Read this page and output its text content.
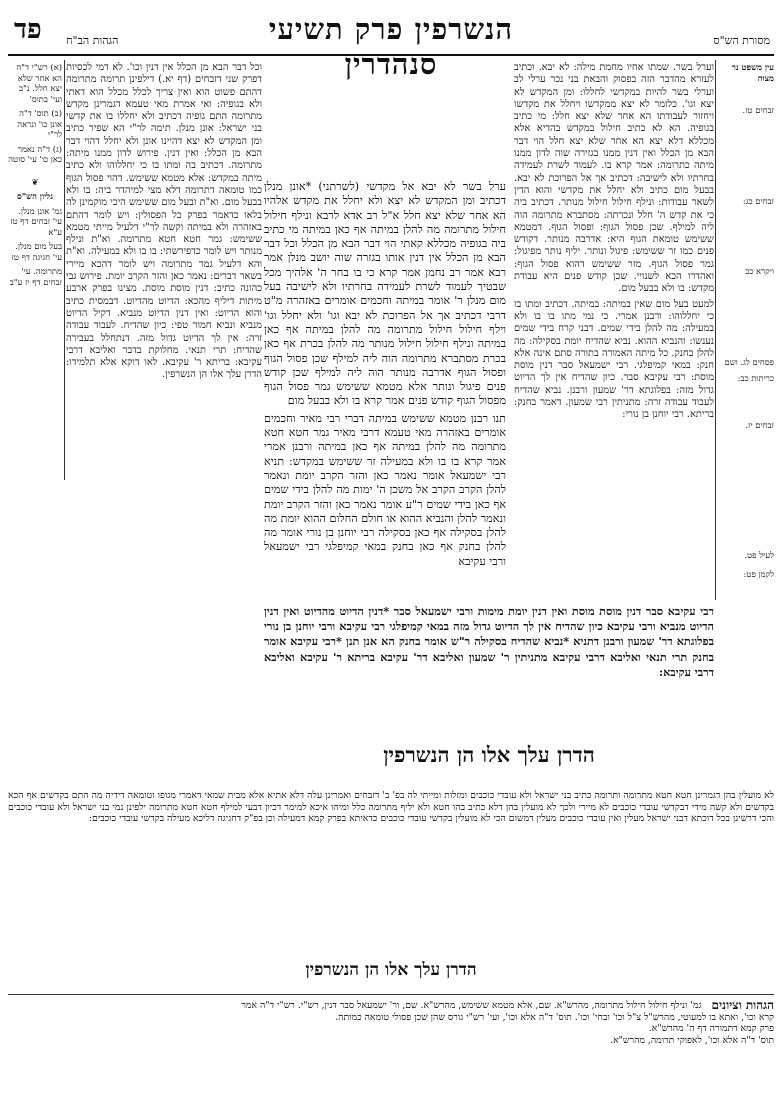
מסורת הש"ס
הנשרפין פרק תשיעי סנהדרין
פד הגהות הב"ח
עין משפט נר מצוה
זבחים טז.
זבחים כג:
ויקרא כב
פסחים לג. ושם
כריתות כב:
זבחים יז.
לעיל פט.
לקמן פט:

וערל בשר. שמתו אחיו מחמת מילה: לא יבא. וכתיב לעזרא מהדבר הזה בפסוק והבאת בני נכר ערלי לב וערלי בשר להיות במקדשי לחללו: ומן המקדש לא יצא וגו'. כלומר לא יצא ממקדשו ויחלל את מקדשו ויחזור לעבודתו הא אחר שלא יצא חלל: מי כתיב בגופיה. הא לא כתיב חילול במקדש בהדיא אלא מכללא דלא יצא הא אחר שלא יצא חלל הוי דבר הבא מן הכלל ואין דנין ממנו בגזירה שוה לדון ממנו מיתה כתרומה: אמר קרא בו. לעמוד לשרת לעמידה בחרתיו ולא לישיבה: דכתיב אך אל הפרוכת לא יבא. בבעל מום כתיב ולא יחלל את מקדשי והוא הדין לשאר עבודות: ונילף חילול חילול מנותר. דכתיב ביה כי את קדש ה' חלל ונכרתה: מסתברא מתרומה הוה ליה למילף. שכן פסול הגוף: ופסול הגוף. דמטמא ששימש טומאת הגוף היא: אדרבה מנותר. דקודש פנים כמו זר ששימש: פיגול ונותר. יליף נותר מפיגול: גמר פסול הגוף. מזר ששימש דהוא פסול הגוף: ואהדרו הכא לשנויי. שכן קודש פנים היא עבודת מקדש: בו ולא בבעל מום.

למעט בעל מום שאין במיתה: במיתה. דכתיב ומתו בו כי יחללוהו: ורבנן אמרי. כי נמי מתו בו בו ולא במעילה: מה להלן בידי שמים. דבני קרח בידי שמים נענשו: והנביא ההוא. נביא שהדיח יומת בסקילה: מה להלן בחנק. כל מיתה האמורה בתורה סתם אינה אלא חנק: במאי קמיפלגי. רבי ישמעאל סבר דנין מוסת מוסת: רבי עקיבא סבר. כיון שהדיח אין לך הדיוט גדול מזה: בפלוגתא דר' שמעון ורבנן. נביא שהדיח לעבוד עבודה זרה: מתניתין רבי שמעון. דאמר בחנק: בריתא. רבי יוחנן בן נורי:

ערל בשר לא יבא אל מקדשי (לשרתני) *אונן מנלן דכתיב ומן המקדש לא יצא ולא יחלל את מקדש אלהיו הא אחר שלא יצא חלל א"ל רב אדא לרבא ונילף חילול חילול מתרומה מה להלן במיתה אף כאן במיתה מי כתיב ביה בגופיה מכללא קאתי הוי דבר הבא מן הכלל וכל דבר הבא מן הכלל אין דנין אותו בגזרה שוה יושב מנלן אמר רבא אמר רב נחמן אמר קרא כי בו בחר ה' אלהיך מכל שבטיך לעמוד לשרת לעמידה בחרתיו ולא לישיבה בעל מום מנלן ר' אומר במיתה וחכמים אומרים באזהרה מ"ט דרבי דכתיב אך אל הפרוכת לא יבא וגו' ולא יחלל וגו' וילף חילול חילול מתרומה מה להלן במיתה אף כאן במיתה ונילף חילול חילול מנותר מה להלן בכרת אף כאן בכרת מסתברא מתרומה הוה ליה למילף שכן פסול הגוף ופסול הגוף אדרבה מנותר הוה ליה למילף שכן קודש פנים פיגול ונותר אלא מטמא ששימש גמר פסול הגוף מפסול הגוף קודש פנים אמר קרא בו ולא בבעל מום

תנו רבנן מטמא ששימש במיתה דברי רבי מאיר וחכמים אומרים באזהרה מאי טעמא דרבי מאיר גמר חטא חטא מתרומה מה להלן במיתה אף כאן במיתה ורבנן אמרי אמר קרא בו בו ולא במעילה זר ששימש במקדש: תניא רבי ישמעאל אומר נאמר כאן והזר הקרב יומת ונאמר להלן הקרב הקרב אל משכן ה' ימות מה להלן בידי שמים אף כאן בידי שמים ר"ע אומר נאמר כאן והזר הקרב יומת ונאמר להלן והנביא ההוא או חולם החלום ההוא יומת מה להלן בסקילה אף כאן בסקילה רבי יוחנן בן נורי אומר מה להלן בחנק אף כאן בחנק במאי קמיפלגי רבי ישמעאל ורבי עקיבא

וכל דבר הבא מן הכלל אין דנין וכו'. לא דמי לכסיות דפרק שני דזבחים (דף יא.) דילפינן תרומה מתרומה דהתם פשוט הוא ואין צריך לכלל מכלל הוא דאתי ולא בגופיה: ואי אמרת מאי טעמא דגמרינן מקדש מתרומה התם גופיה דכתיב ולא יחללו בו את קדשי בני ישראל: אונן מנלן. תימה לר"י הא שפיר כתיב ומן המקדש לא יצא דהיינו אונן ולא יחלל דהוי דבר הבא מן הכלל: ואין דנין. פירוש לדון ממנו מיתה: מתרומה. דכתיב בה ומתו בו כי יחללוהו ולא כתיב מיתה במקדש: אלא מטמא ששימש. דהוי פסול הגוף כמו טומאה דתרומה דלא מצי למיהדר ביה: בו ולא בבעל מום. וא"ת ובעל מום ששימש היכי מוקמינן לה בלאו כדאמר בפרק כל הפסולין: ויש לומר דהתם באזהרה ולא במיתה וקשה לר"י דלעיל מייתי מטמא ששימש: גמר חטא חטא מתרומה. וא"ת ונילף מנותר ויש לומר כדפירשתי: בו בו ולא במעילה. וא"ת והא דלעיל גמר מתרומה ויש לומר דהכא מיירי בשאר דברים: נאמר כאן והזר הקרב יומת. פירוש גבי כהונה כתיב: דנין מוסת מוסת. מצינו בפרק ארבע מיתות דיליף מהכא: הדיוט מהדיוט. דבמסית כתיב והוא הדיוט: ואין דנין הדיוט מנביא. דקיל הדיוט מנביא ונביא חמור טפי: כיון שהדיח. לעבוד עבודה זרה: אין לך הדיוט גדול מזה. דנתחלל בעבירה שהדיח: תרי תנאי. מחלוקת בדבר ואליבא דרבי עקיבא: בריתא ר' עקיבא. לאו דוקא אלא תלמידו: הדרן עלך אלו הן הנשרפין.

(א) רש"י ד"ה הא אחר שלא יצא חלל. נ"ב ועי' בתוס'
(ב) תוס' ד"ה אונן כו' ונראה לר"י
(ג) ד"ה נאמר כאן כו' עי' סוטה
❦
גליון הש"ס
גמ' אונן מנלן. עי' זבחים דף טז ע"א
בעל מום מנלן. עי' חגיגה דף טז
מתרומה. עי' זבחים דף יז ע"ב

רבי עקיבא סבר דנין מוסת מוסת ואין דנין יומת מימות ורבי ישמעאל סבר *דנין הדיוט מהדיוט ואין דנין הדיוט מנביא ורבי עקיבא כיון שהדיח אין לך הדיוט גדול מזה במאי קמיפלגי רבי עקיבא ורבי יוחנן בן נורי בפלוגתא דר' שמעון ורבנן דתניא *נביא שהדיח בסקילה ר"ש אומר בחנק הא אנן תנן *רבי עקיבא אומר בחנק תרי תנאי ואליבא דרבי עקיבא מתניתין ר' שמעון ואליבא דר' עקיבא בריתא ר' עקיבא ואליבא דרבי עקיבא:

הדרן עלך אלו הן הנשרפין

לא מועלין בהן דגמרינן חטא חטא מתרומה ותרומה כתיב בני ישראל ולא עובדי כוכבים ומזלות ומייתי לה בפ' ב' דזבחים ואמרינן עלה דלא אתיא אלא מבית שמאי דאמרי מגופו וטומאה דידיה מה התם בקדשים אף הכא בקדשים ולא קשה מידי דבקדשי עובדי כוכבים לא מיירי ולכך לא מועלין בהן דלא כתיב בהו חטא ולא יליף מתרומה כלל ומיהו איכא למימר דכיון דבעי למילף חטא חטא מתרומה ילפינן נמי בני ישראל ולא עובדי כוכבים והכי דרשינן בכל דוכתא דבני ישראל מעלין ואין עובדי כוכבים מעלין דמשום הכי לא מועלין בקדשי עובדי כוכבים כדאיתא בפרק קמא דמעילה וכן בפ"ק דחגיגה דליכא מעילה בקדשי עובדי כוכבים:

הדרן עלך אלו הן הנשרפין
הגהות וציונים
גמ' ונילף חילול חילול מתרומה, מהרש"א. שם, אלא מטמא ששימש, מהרש"א. שם, ור' ישמעאל סבר דנין, רש"י. רש"י ד"ה אמר
קרא וכו', ואתא בו למעוטי, מהרש"ל צ"ל וכו' ובחי' וכו'. תוס' ד"ה אלא וכו', ועי' רש"י גורס שהן שכן פסולי טומאה כמותה.
פרק קמא דתמורה דף ה' מהרש"א.
תוס' ד"ה אלא וכו', לאפוקי תרומה, מהרש"א.
